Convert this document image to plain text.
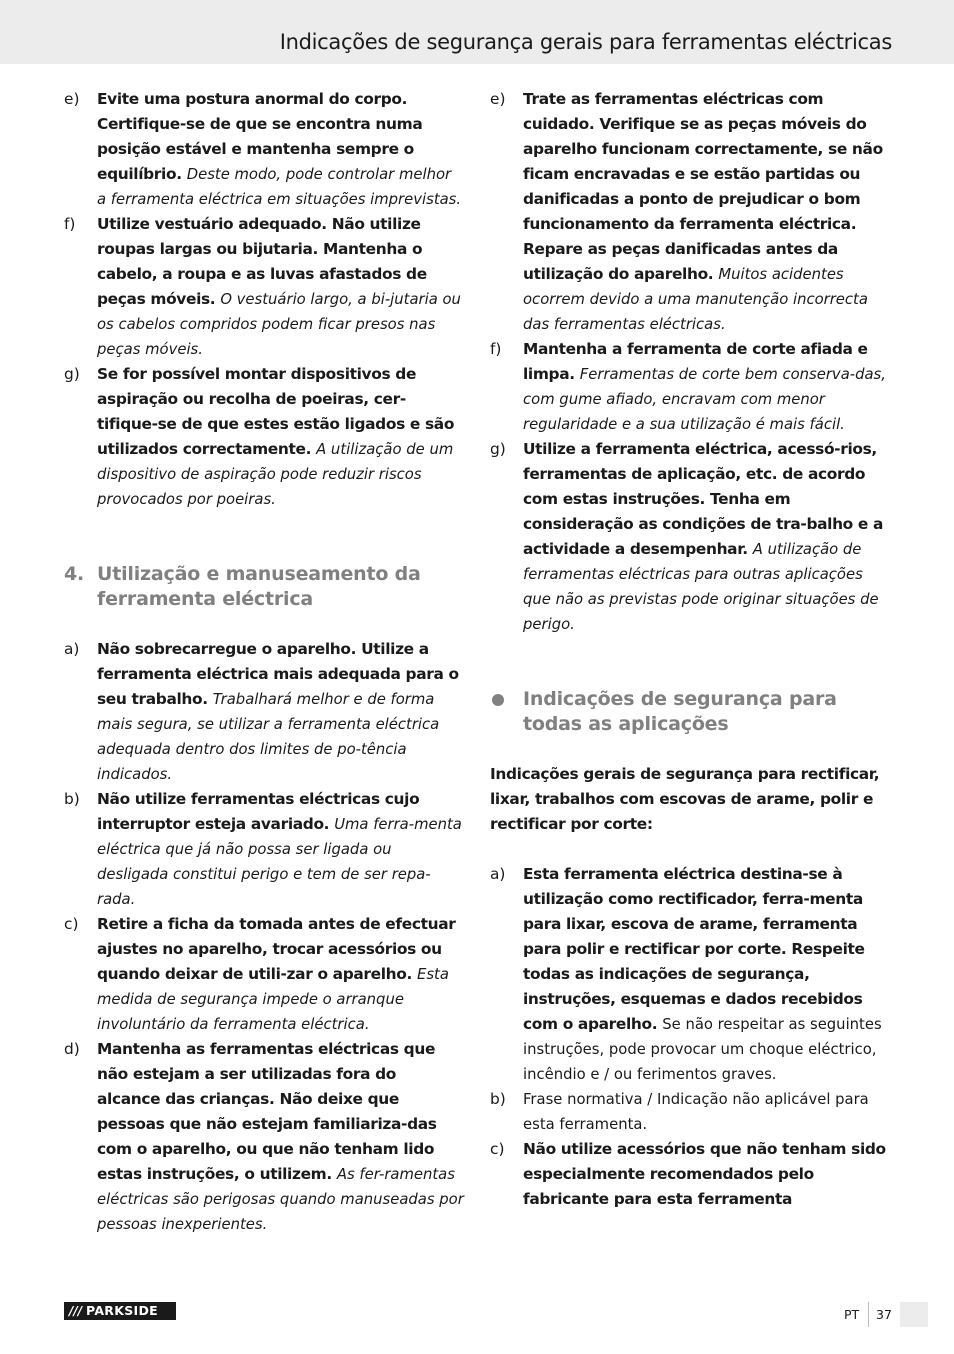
Indicações de segurança gerais para ferramentas eléctricas
e) Evite uma postura anormal do corpo. Certifique-se de que se encontra numa posição estável e mantenha sempre o equilíbrio. Deste modo, pode controlar melhor a ferramenta eléctrica em situações imprevistas.
f) Utilize vestuário adequado. Não utilize roupas largas ou bijutaria. Mantenha o cabelo, a roupa e as luvas afastados de peças móveis. O vestuário largo, a bi-jutaria ou os cabelos compridos podem ficar presos nas peças móveis.
g) Se for possível montar dispositivos de aspiração ou recolha de poeiras, cer-tifique-se de que estes estão ligados e são utilizados correctamente. A utilização de um dispositivo de aspiração pode reduzir riscos provocados por poeiras.
4. Utilização e manuseamento da ferramenta eléctrica
a) Não sobrecarregue o aparelho. Utilize a ferramenta eléctrica mais adequada para o seu trabalho. Trabalhará melhor e de forma mais segura, se utilizar a ferramenta eléctrica adequada dentro dos limites de po-tência indicados.
b) Não utilize ferramentas eléctricas cujo interruptor esteja avariado. Uma ferra-menta eléctrica que já não possa ser ligada ou desligada constitui perigo e tem de ser repa-rada.
c) Retire a ficha da tomada antes de efectuar ajustes no aparelho, trocar acessórios ou quando deixar de utili-zar o aparelho. Esta medida de segurança impede o arranque involuntário da ferramenta eléctrica.
d) Mantenha as ferramentas eléctricas que não estejam a ser utilizadas fora do alcance das crianças. Não deixe que pessoas que não estejam familiariza-das com o aparelho, ou que não tenham lido estas instruções, o utilizem. As fer-ramentas eléctricas são perigosas quando manuseadas por pessoas inexperientes.
e) Trate as ferramentas eléctricas com cuidado. Verifique se as peças móveis do aparelho funcionam correctamente, se não ficam encravadas e se estão partidas ou danificadas a ponto de prejudicar o bom funcionamento da ferramenta eléctrica. Repare as peças danificadas antes da utilização do aparelho. Muitos acidentes ocorrem devido a uma manutenção incorrecta das ferramentas eléctricas.
f) Mantenha a ferramenta de corte afiada e limpa. Ferramentas de corte bem conserva-das, com gume afiado, encravam com menor regularidade e a sua utilização é mais fácil.
g) Utilize a ferramenta eléctrica, acessó-rios, ferramentas de aplicação, etc. de acordo com estas instruções. Tenha em consideração as condições de tra-balho e a actividade a desempenhar. A utilização de ferramentas eléctricas para outras aplicações que não as previstas pode originar situações de perigo.
Indicações de segurança para todas as aplicações
Indicações gerais de segurança para rectificar, lixar, trabalhos com escovas de arame, polir e rectificar por corte:
a) Esta ferramenta eléctrica destina-se à utilização como rectificador, ferra-menta para lixar, escova de arame, ferramenta para polir e rectificar por corte. Respeite todas as indicações de segurança, instruções, esquemas e dados recebidos com o aparelho. Se não respeitar as seguintes instruções, pode provocar um choque eléctrico, incêndio e / ou ferimentos graves.
b) Frase normativa / Indicação não aplicável para esta ferramenta.
c) Não utilize acessórios que não tenham sido especialmente recomendados pelo fabricante para esta ferramenta
/// PARKSIDE	PT 37
